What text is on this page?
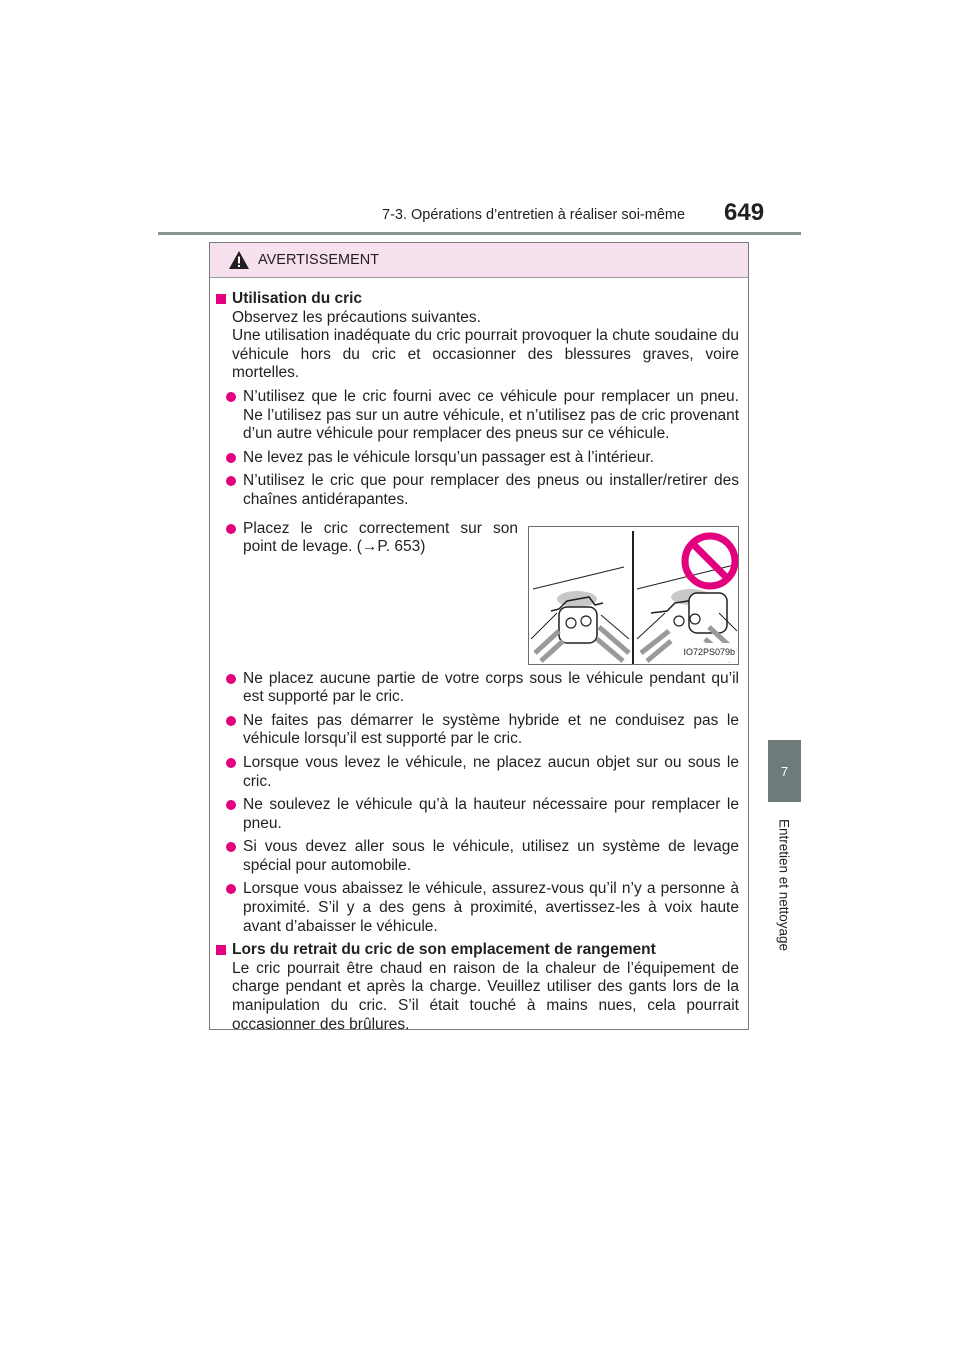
7-3. Opérations d’entretien à réaliser soi-même 649
7
Entretien et nettoyage
AVERTISSEMENT
Utilisation du cric

Observez les précautions suivantes.

Une utilisation inadéquate du cric pourrait provoquer la chute soudaine du véhicule hors du cric et occasionner des blessures graves, voire mortelles.

N’utilisez que le cric fourni avec ce véhicule pour remplacer un pneu. Ne l’utilisez pas sur un autre véhicule, et n’utilisez pas de cric provenant d’un autre véhicule pour remplacer des pneus sur ce véhicule.
Ne levez pas le véhicule lorsqu’un passager est à l’intérieur.
N’utilisez le cric que pour remplacer des pneus ou installer/retirer des chaînes antidérapantes.
Placez le cric correctement sur son point de levage. (→P. 653)
IO72PS079b
Ne placez aucune partie de votre corps sous le véhicule pendant qu’il est supporté par le cric.
Ne faites pas démarrer le système hybride et ne conduisez pas le véhicule lorsqu’il est supporté par le cric.
Lorsque vous levez le véhicule, ne placez aucun objet sur ou sous le cric.
Ne soulevez le véhicule qu’à la hauteur nécessaire pour remplacer le pneu.
Si vous devez aller sous le véhicule, utilisez un système de levage spécial pour automobile.
Lorsque vous abaissez le véhicule, assurez-vous qu’il n’y a personne à proximité. S’il y a des gens à proximité, avertissez-les à voix haute avant d’abaisser le véhicule.
Lors du retrait du cric de son emplacement de rangement

Le cric pourrait être chaud en raison de la chaleur de l’équipement de charge pendant et après la charge. Veuillez utiliser des gants lors de la manipulation du cric. S’il était touché à mains nues, cela pourrait occasionner des brûlures.
